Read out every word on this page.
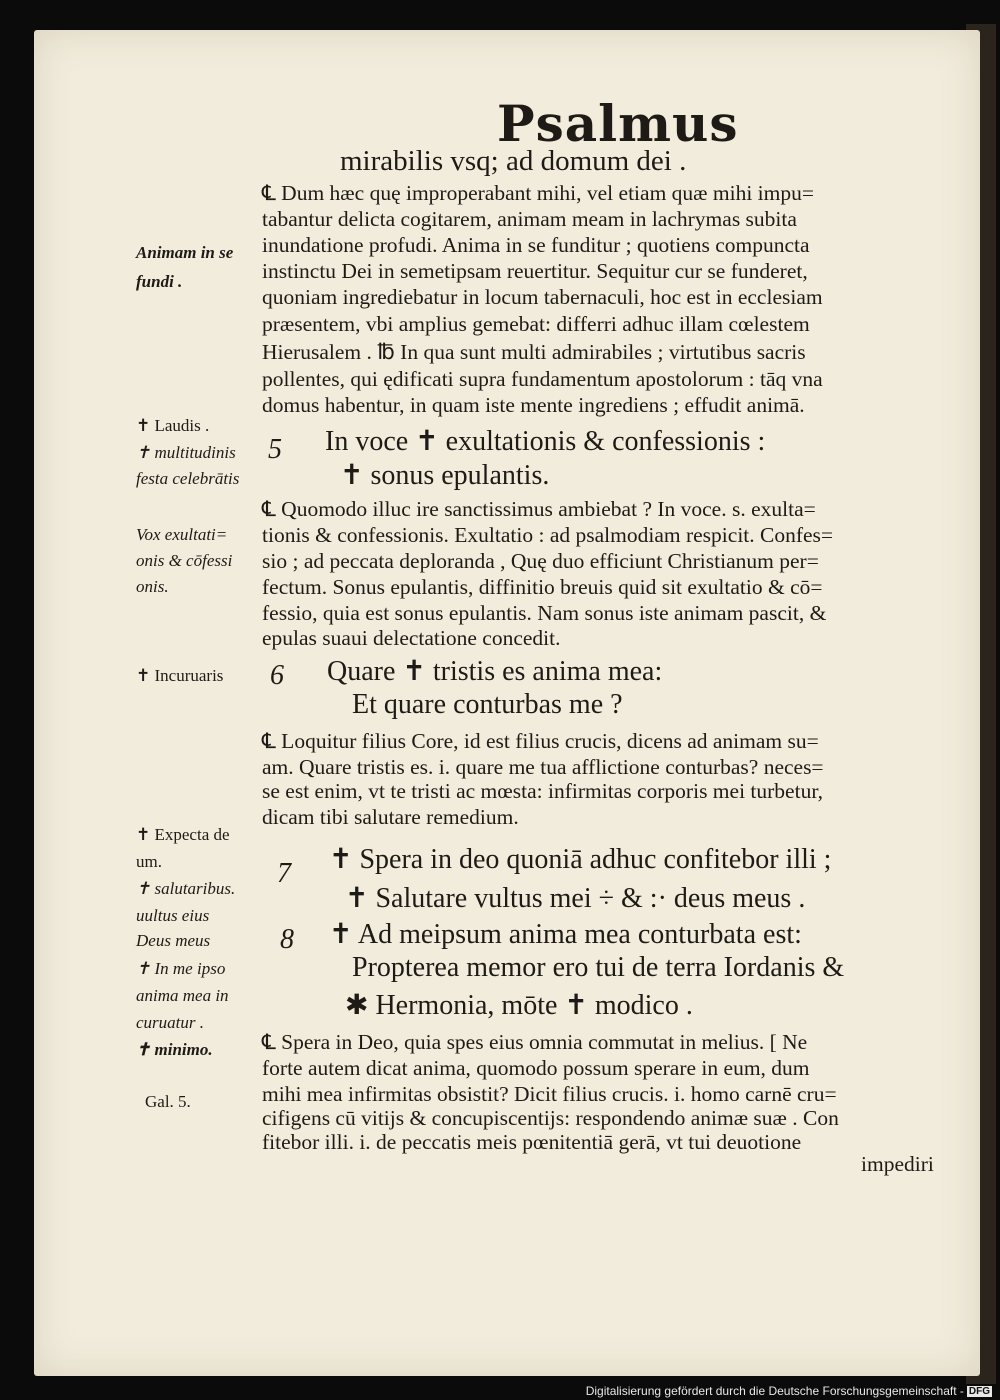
Psalmus

mirabilis vsq; ad domum dei .

℄ Dum hæc quę improperabant mihi, vel etiam quæ mihi impu=

tabantur delicta cogitarem, animam meam in lachrymas subita

inundatione profudi. Anima in se funditur ; quotiens compuncta

instinctu Dei in semetipsam reuertitur. Sequitur cur se funderet,

quoniam ingrediebatur in locum tabernaculi, hoc est in ecclesiam

præsentem, vbi amplius gemebat: differri adhuc illam cœlestem

Hierusalem . ℔ In qua sunt multi admirabiles ; virtutibus sacris

pollentes, qui ędificati supra fundamentum apostolorum : tāq vna

domus habentur, in quam iste mente ingrediens ; effudit animā.

5 In voce ✝ exultationis & confessionis :

✝ sonus epulantis.

℄ Quomodo illuc ire sanctissimus ambiebat ? In voce. s. exulta=

tionis & confessionis. Exultatio : ad psalmodiam respicit. Confes=

sio ; ad peccata deploranda , Quę duo efficiunt Christianum per=

fectum. Sonus epulantis, diffinitio breuis quid sit exultatio & cō=

fessio, quia est sonus epulantis. Nam sonus iste animam pascit, &

epulas suaui delectatione concedit.

6 Quare ✝ tristis es anima mea:

Et quare conturbas me ?

℄ Loquitur filius Core, id est filius crucis, dicens ad animam su=

am. Quare tristis es. i. quare me tua afflictione conturbas? neces=

se est enim, vt te tristi ac mœsta: infirmitas corporis mei turbetur,

dicam tibi salutare remedium.

7 ✝ Spera in deo quoniā adhuc confitebor illi ;

✝ Salutare vultus mei ÷ & :· deus meus .

8 ✝ Ad meipsum anima mea conturbata est:

Propterea memor ero tui de terra Iordanis &

✱ Hermonia, mōte ✝ modico .

℄ Spera in Deo, quia spes eius omnia commutat in melius. [ Ne

forte autem dicat anima, quomodo possum sperare in eum, dum

mihi mea infirmitas obsistit? Dicit filius crucis. i. homo carnē cru=

cifigens cū vitijs & concupiscentijs: respondendo animæ suæ . Con

fitebor illi. i. de peccatis meis pœnitentiā gerā, vt tui deuotione

impediri

Animam in se

fundi .

✝ Laudis .

✝ multitudinis

festa celebrātis

Vox exultati=

onis & cōfessi

onis.

✝ Incuruaris

✝ Expecta de

um.

✝ salutaribus.

uultus eius

Deus meus

✝ In me ipso

anima mea in

curuatur .

✝ minimo.

Gal. 5.

Digitalisierung gefördert durch die Deutsche Forschungsgemeinschaft - DFG
